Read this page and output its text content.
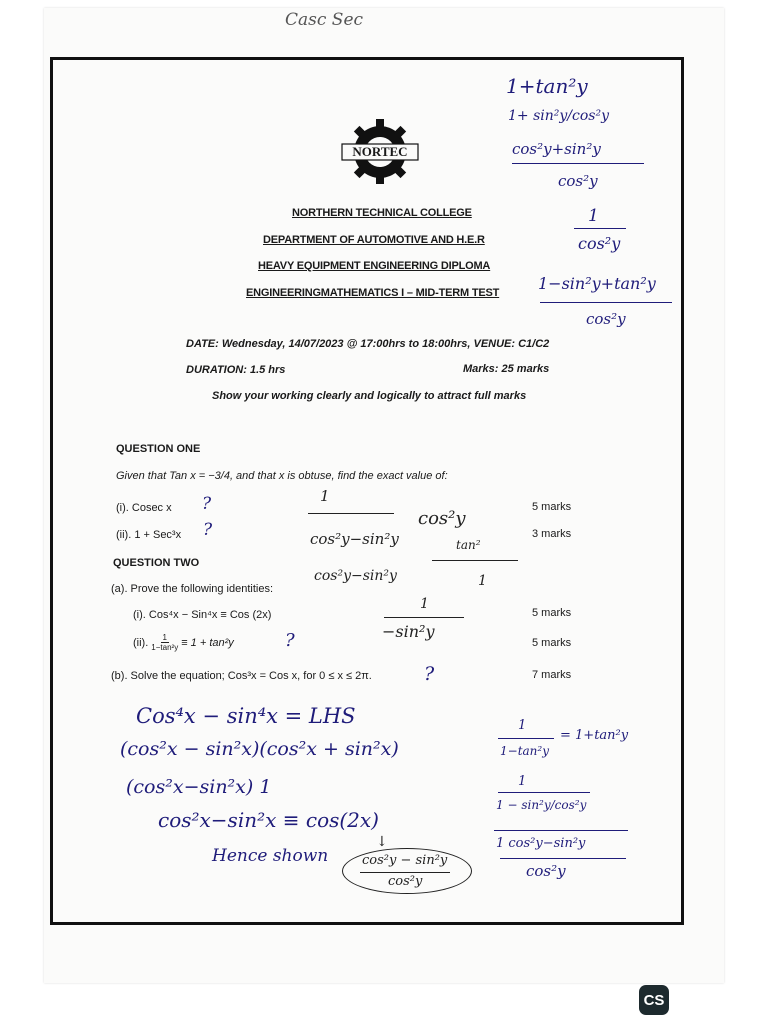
Casc Sec
NORTEC
NORTHERN TECHNICAL COLLEGE
DEPARTMENT OF AUTOMOTIVE AND H.E.R
HEAVY EQUIPMENT ENGINEERING DIPLOMA
ENGINEERINGMATHEMATICS I – MID-TERM TEST
DATE: Wednesday, 14/07/2023 @ 17:00hrs to 18:00hrs, VENUE: C1/C2
DURATION: 1.5 hrs	Marks: 25 marks
Show your working clearly and logically to attract full marks
QUESTION ONE
Given that Tan x = −3/4, and that x is obtuse, find the exact value of:
(i). Cosec x	5 marks
(ii). 1 + Sec³x	3 marks
QUESTION TWO
(a). Prove the following identities:
(i). Cos⁴x − Sin⁴x ≡ Cos (2x)	5 marks
(ii). $\frac{1}{\text{1−tan²y}} \equiv 1 + \tan^2y$	5 marks
(b). Solve the equation; Cos³x = Cos x, for 0 ≤ x ≤ 2π.	7 marks
?
?
?
?
1+tan²y
1+ sin²y/cos²y
cos²y+sin²y
cos²y
1
cos²y
1−sin²y+tan²y
cos²y
1
cos²y−sin²y
cos²y
tan²
1
cos²y−sin²y
1
−sin²y
Cos⁴x − sin⁴x = LHS
(cos²x − sin²x)(cos²x + sin²x)
(cos²x−sin²x) 1
cos²x−sin²x ≡ cos(2x)
Hence shown
↓
cos²y − sin²y
cos²y
1
1−tan²y
= 1+tan²y
1
1 − sin²y/cos²y
1 cos²y−sin²y
cos²y
CS
